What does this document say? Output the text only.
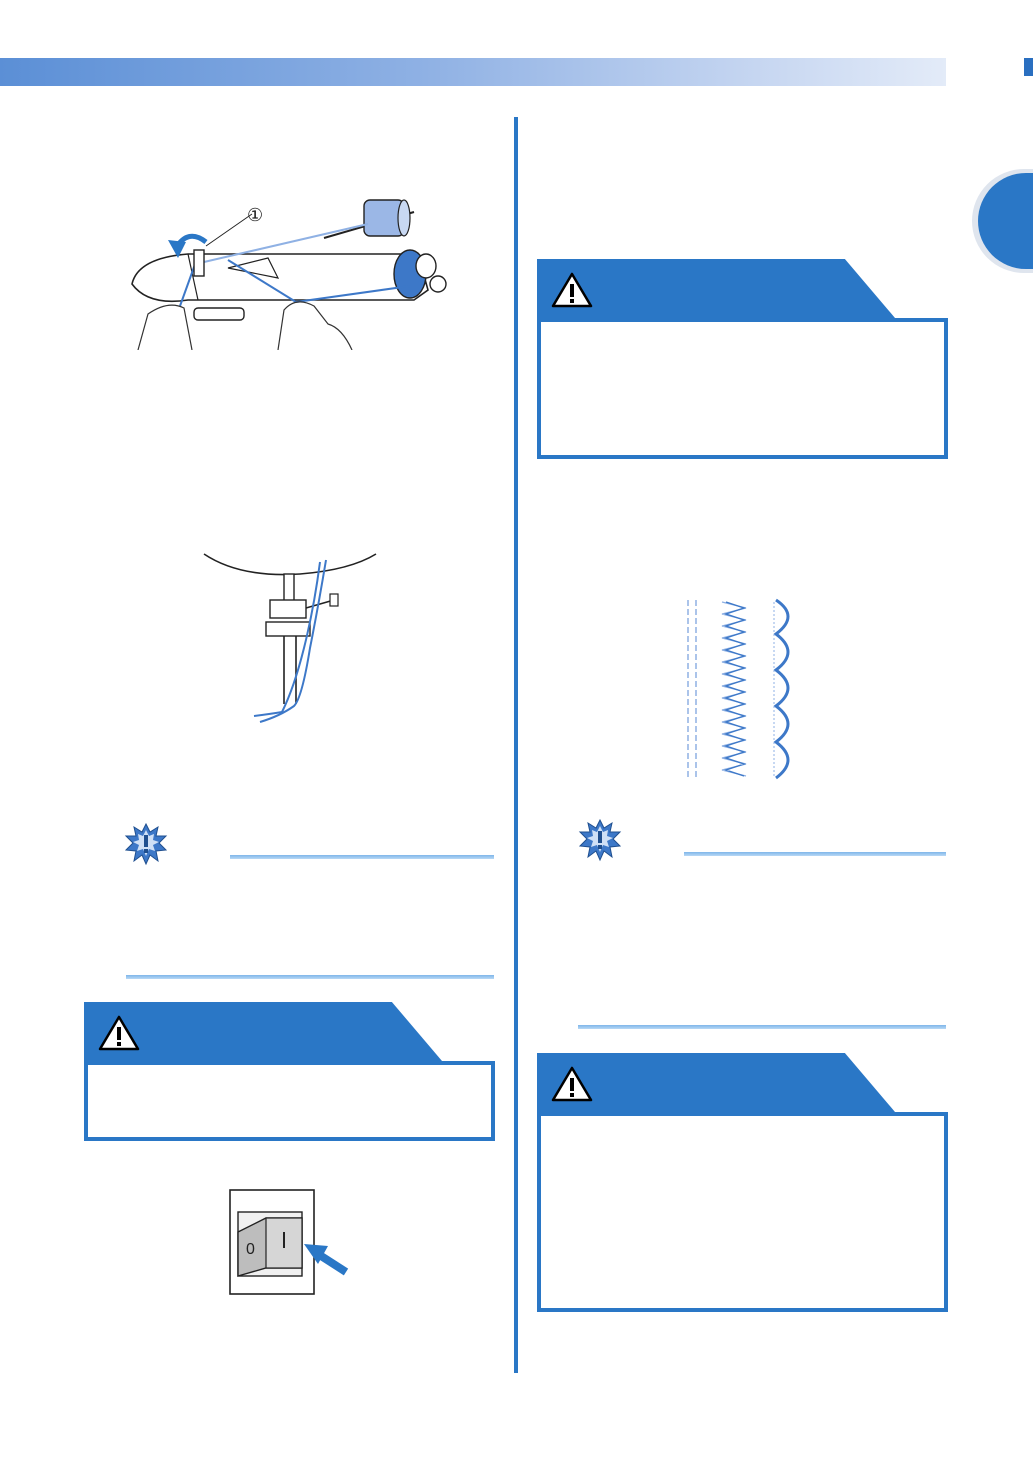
①
0
